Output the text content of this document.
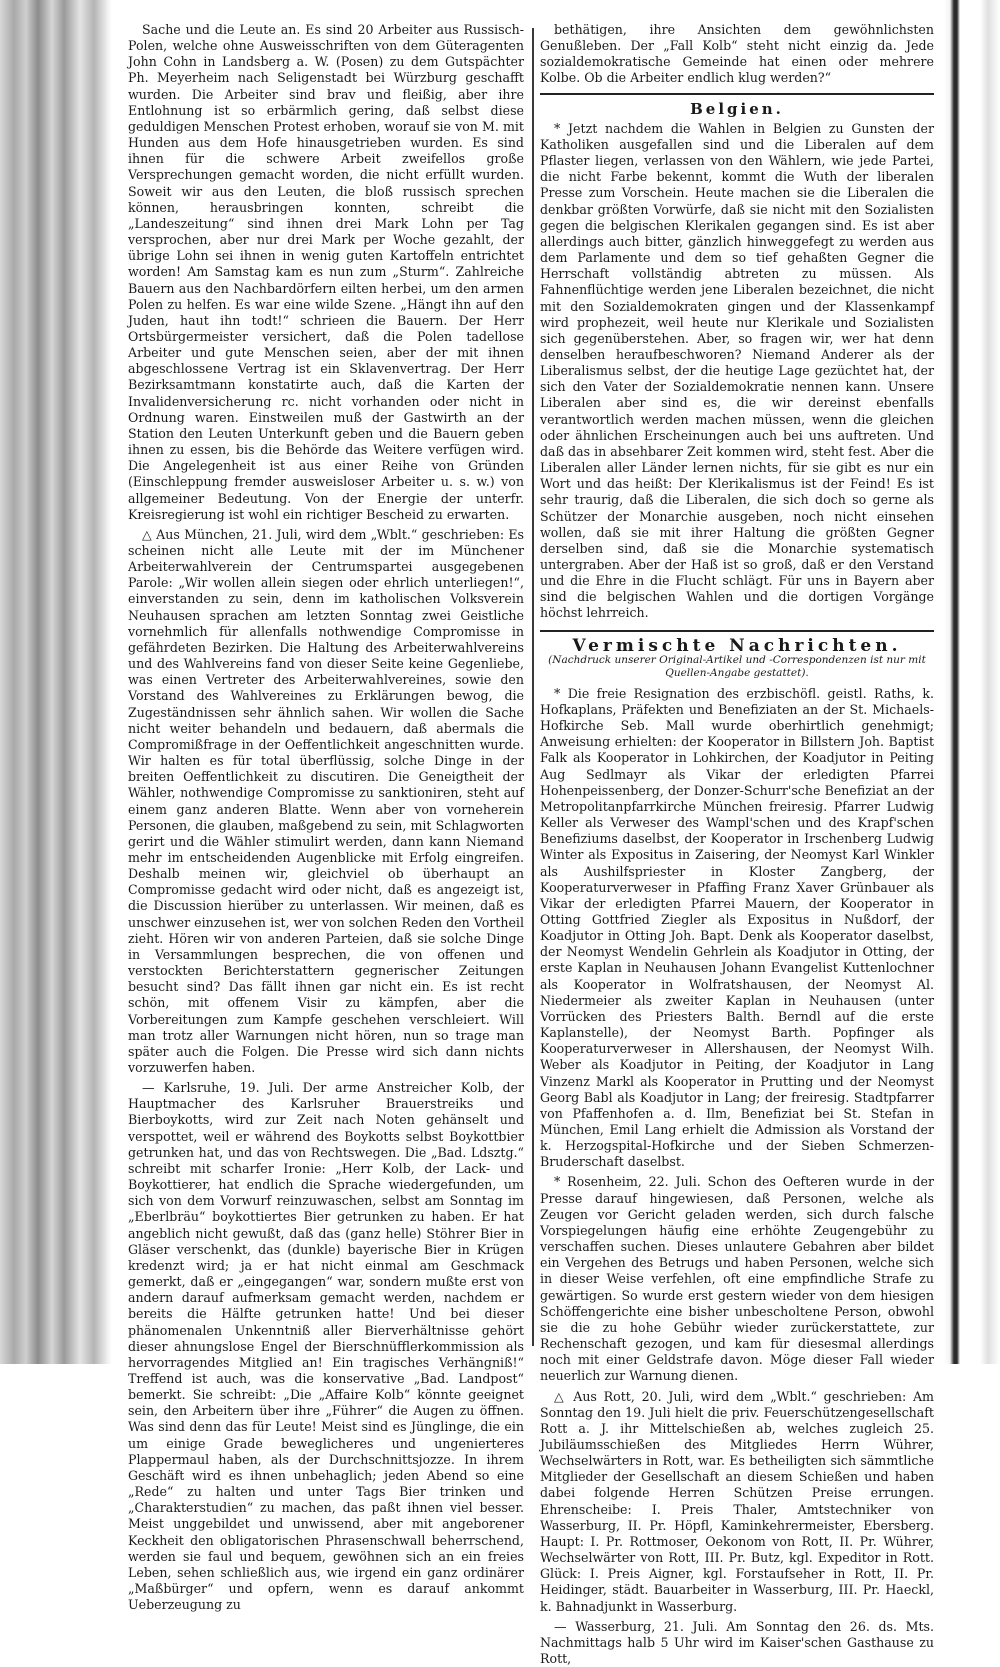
Sache und die Leute an. Es sind 20 Arbeiter aus Russisch-Polen, welche ohne Ausweisschriften von dem Güteragenten John Cohn in Landsberg a. W. (Posen) zu dem Gutspächter Ph. Meyerheim nach Seligenstadt bei Würzburg geschafft wurden. Die Arbeiter sind brav und fleißig, aber ihre Entlohnung ist so erbärmlich gering, daß selbst diese geduldigen Menschen Protest erhoben, worauf sie von M. mit Hunden aus dem Hofe hinausgetrieben wurden. Es sind ihnen für die schwere Arbeit zweifellos große Versprechungen gemacht worden, die nicht erfüllt wurden. Soweit wir aus den Leuten, die bloß russisch sprechen können, herausbringen konnten, schreibt die „Landeszeitung“ sind ihnen drei Mark Lohn per Tag versprochen, aber nur drei Mark per Woche gezahlt, der übrige Lohn sei ihnen in wenig guten Kartoffeln entrichtet worden! Am Samstag kam es nun zum „Sturm“. Zahlreiche Bauern aus den Nachbardörfern eilten herbei, um den armen Polen zu helfen. Es war eine wilde Szene. „Hängt ihn auf den Juden, haut ihn todt!“ schrieen die Bauern. Der Herr Ortsbürgermeister versichert, daß die Polen tadellose Arbeiter und gute Menschen seien, aber der mit ihnen abgeschlossene Vertrag ist ein Sklavenvertrag. Der Herr Bezirksamtmann konstatirte auch, daß die Karten der Invalidenversicherung rc. nicht vorhanden oder nicht in Ordnung waren. Einstweilen muß der Gastwirth an der Station den Leuten Unterkunft geben und die Bauern geben ihnen zu essen, bis die Behörde das Weitere verfügen wird. Die Angelegenheit ist aus einer Reihe von Gründen (Einschleppung fremder ausweisloser Arbeiter u. s. w.) von allgemeiner Bedeutung. Von der Energie der unterfr. Kreisregierung ist wohl ein richtiger Bescheid zu erwarten.

△ Aus München, 21. Juli, wird dem „Wblt.“ geschrieben: Es scheinen nicht alle Leute mit der im Münchener Arbeiterwahlverein der Centrumspartei ausgegebenen Parole: „Wir wollen allein siegen oder ehrlich unterliegen!“, einverstanden zu sein, denn im katholischen Volksverein Neuhausen sprachen am letzten Sonntag zwei Geistliche vornehmlich für allenfalls nothwendige Compromisse in gefährdeten Bezirken. Die Haltung des Arbeiterwahlvereins und des Wahlvereins fand von dieser Seite keine Gegenliebe, was einen Vertreter des Arbeiterwahlvereines, sowie den Vorstand des Wahlvereines zu Erklärungen bewog, die Zugeständnissen sehr ähnlich sahen. Wir wollen die Sache nicht weiter behandeln und bedauern, daß abermals die Compromißfrage in der Oeffentlichkeit angeschnitten wurde. Wir halten es für total überflüssig, solche Dinge in der breiten Oeffentlichkeit zu discutiren. Die Geneigtheit der Wähler, nothwendige Compromisse zu sanktioniren, steht auf einem ganz anderen Blatte. Wenn aber von vorneherein Personen, die glauben, maßgebend zu sein, mit Schlagworten gerirt und die Wähler stimulirt werden, dann kann Niemand mehr im entscheidenden Augenblicke mit Erfolg eingreifen. Deshalb meinen wir, gleichviel ob überhaupt an Compromisse gedacht wird oder nicht, daß es angezeigt ist, die Discussion hierüber zu unterlassen. Wir meinen, daß es unschwer einzusehen ist, wer von solchen Reden den Vortheil zieht. Hören wir von anderen Parteien, daß sie solche Dinge in Versammlungen besprechen, die von offenen und verstockten Berichterstattern gegnerischer Zeitungen besucht sind? Das fällt ihnen gar nicht ein. Es ist recht schön, mit offenem Visir zu kämpfen, aber die Vorbereitungen zum Kampfe geschehen verschleiert. Will man trotz aller Warnungen nicht hören, nun so trage man später auch die Folgen. Die Presse wird sich dann nichts vorzuwerfen haben.

— Karlsruhe, 19. Juli. Der arme Anstreicher Kolb, der Hauptmacher des Karlsruher Brauerstreiks und Bierboykotts, wird zur Zeit nach Noten gehänselt und verspottet, weil er während des Boykotts selbst Boykottbier getrunken hat, und das von Rechtswegen. Die „Bad. Ldsztg.“ schreibt mit scharfer Ironie: „Herr Kolb, der Lack- und Boykottierer, hat endlich die Sprache wiedergefunden, um sich von dem Vorwurf reinzuwaschen, selbst am Sonntag im „Eberlbräu“ boykottiertes Bier getrunken zu haben. Er hat angeblich nicht gewußt, daß das (ganz helle) Stöhrer Bier in Gläser verschenkt, das (dunkle) bayerische Bier in Krügen kredenzt wird; ja er hat nicht einmal am Geschmack gemerkt, daß er „eingegangen“ war, sondern mußte erst von andern darauf aufmerksam gemacht werden, nachdem er bereits die Hälfte getrunken hatte! Und bei dieser phänomenalen Unkenntniß aller Bierverhältnisse gehört dieser ahnungslose Engel der Bierschnüfflerkommission als hervorragendes Mitglied an! Ein tragisches Verhängniß!“ Treffend ist auch, was die konservative „Bad. Landpost“ bemerkt. Sie schreibt: „Die „Affaire Kolb“ könnte geeignet sein, den Arbeitern über ihre „Führer“ die Augen zu öffnen. Was sind denn das für Leute! Meist sind es Jünglinge, die ein um einige Grade beweglicheres und ungenierteres Plappermaul haben, als der Durchschnittsjozze. In ihrem Geschäft wird es ihnen unbehaglich; jeden Abend so eine „Rede“ zu halten und unter Tags Bier trinken und „Charakterstudien“ zu machen, das paßt ihnen viel besser. Meist unggebildet und unwissend, aber mit angeborener Keckheit den obligatorischen Phrasenschwall beherrschend, werden sie faul und bequem, gewöhnen sich an ein freies Leben, sehen schließlich aus, wie irgend ein ganz ordinärer „Maßbürger“ und opfern, wenn es darauf ankommt Ueberzeugung zu

bethätigen, ihre Ansichten dem gewöhnlichsten Genußleben. Der „Fall Kolb“ steht nicht einzig da. Jede sozialdemokratische Gemeinde hat einen oder mehrere Kolbe. Ob die Arbeiter endlich klug werden?“

Belgien.

* Jetzt nachdem die Wahlen in Belgien zu Gunsten der Katholiken ausgefallen sind und die Liberalen auf dem Pflaster liegen, verlassen von den Wählern, wie jede Partei, die nicht Farbe bekennt, kommt die Wuth der liberalen Presse zum Vorschein. Heute machen sie die Liberalen die denkbar größten Vorwürfe, daß sie nicht mit den Sozialisten gegen die belgischen Klerikalen gegangen sind. Es ist aber allerdings auch bitter, gänzlich hinweggefegt zu werden aus dem Parlamente und dem so tief gehaßten Gegner die Herrschaft vollständig abtreten zu müssen. Als Fahnenflüchtige werden jene Liberalen bezeichnet, die nicht mit den Sozialdemokraten gingen und der Klassenkampf wird prophezeit, weil heute nur Klerikale und Sozialisten sich gegenüberstehen. Aber, so fragen wir, wer hat denn denselben heraufbeschworen? Niemand Anderer als der Liberalismus selbst, der die heutige Lage gezüchtet hat, der sich den Vater der Sozialdemokratie nennen kann. Unsere Liberalen aber sind es, die wir dereinst ebenfalls verantwortlich werden machen müssen, wenn die gleichen oder ähnlichen Erscheinungen auch bei uns auftreten. Und daß das in absehbarer Zeit kommen wird, steht fest. Aber die Liberalen aller Länder lernen nichts, für sie gibt es nur ein Wort und das heißt: Der Klerikalismus ist der Feind! Es ist sehr traurig, daß die Liberalen, die sich doch so gerne als Schützer der Monarchie ausgeben, noch nicht einsehen wollen, daß sie mit ihrer Haltung die größten Gegner derselben sind, daß sie die Monarchie systematisch untergraben. Aber der Haß ist so groß, daß er den Verstand und die Ehre in die Flucht schlägt. Für uns in Bayern aber sind die belgischen Wahlen und die dortigen Vorgänge höchst lehrreich.

Vermischte Nachrichten.
(Nachdruck unserer Original-Artikel und -Correspondenzen ist nur mit Quellen-Angabe gestattet).

* Die freie Resignation des erzbischöfl. geistl. Raths, k. Hofkaplans, Präfekten und Benefiziaten an der St. Michaels-Hofkirche Seb. Mall wurde oberhirtlich genehmigt; Anweisung erhielten: der Kooperator in Billstern Joh. Baptist Falk als Kooperator in Lohkirchen, der Koadjutor in Peiting Aug Sedlmayr als Vikar der erledigten Pfarrei Hohenpeissenberg, der Donzer-Schurr'sche Benefiziat an der Metropolitanpfarrkirche München freiresig. Pfarrer Ludwig Keller als Verweser des Wampl'schen und des Krapf'schen Benefiziums daselbst, der Kooperator in Irschenberg Ludwig Winter als Expositus in Zaisering, der Neomyst Karl Winkler als Aushilfspriester in Kloster Zangberg, der Kooperaturverweser in Pfaffing Franz Xaver Grünbauer als Vikar der erledigten Pfarrei Mauern, der Kooperator in Otting Gottfried Ziegler als Expositus in Nußdorf, der Koadjutor in Otting Joh. Bapt. Denk als Kooperator daselbst, der Neomyst Wendelin Gehrlein als Koadjutor in Otting, der erste Kaplan in Neuhausen Johann Evangelist Kuttenlochner als Kooperator in Wolfratshausen, der Neomyst Al. Niedermeier als zweiter Kaplan in Neuhausen (unter Vorrücken des Priesters Balth. Berndl auf die erste Kaplanstelle), der Neomyst Barth. Popfinger als Kooperaturverweser in Allershausen, der Neomyst Wilh. Weber als Koadjutor in Peiting, der Koadjutor in Lang Vinzenz Markl als Kooperator in Prutting und der Neomyst Georg Babl als Koadjutor in Lang; der freiresig. Stadtpfarrer von Pfaffenhofen a. d. Ilm, Benefiziat bei St. Stefan in München, Emil Lang erhielt die Admission als Vorstand der k. Herzogspital-Hofkirche und der Sieben Schmerzen-Bruderschaft daselbst.

* Rosenheim, 22. Juli. Schon des Oefteren wurde in der Presse darauf hingewiesen, daß Personen, welche als Zeugen vor Gericht geladen werden, sich durch falsche Vorspiegelungen häufig eine erhöhte Zeugengebühr zu verschaffen suchen. Dieses unlautere Gebahren aber bildet ein Vergehen des Betrugs und haben Personen, welche sich in dieser Weise verfehlen, oft eine empfindliche Strafe zu gewärtigen. So wurde erst gestern wieder von dem hiesigen Schöffengerichte eine bisher unbescholtene Person, obwohl sie die zu hohe Gebühr wieder zurückerstattete, zur Rechenschaft gezogen, und kam für diesesmal allerdings noch mit einer Geldstrafe davon. Möge dieser Fall wieder neuerlich zur Warnung dienen.

△ Aus Rott, 20. Juli, wird dem „Wblt.“ geschrieben: Am Sonntag den 19. Juli hielt die priv. Feuerschützengesellschaft Rott a. J. ihr Mittelschießen ab, welches zugleich 25. Jubiläumsschießen des Mitgliedes Herrn Wührer, Wechselwärters in Rott, war. Es betheiligten sich sämmtliche Mitglieder der Gesellschaft an diesem Schießen und haben dabei folgende Herren Schützen Preise errungen. Ehrenscheibe: I. Preis Thaler, Amtstechniker von Wasserburg, II. Pr. Höpfl, Kaminkehrermeister, Ebersberg. Haupt: I. Pr. Rottmoser, Oekonom von Rott, II. Pr. Wührer, Wechselwärter von Rott, III. Pr. Butz, kgl. Expeditor in Rott. Glück: I. Preis Aigner, kgl. Forstaufseher in Rott, II. Pr. Heidinger, städt. Bauarbeiter in Wasserburg, III. Pr. Haeckl, k. Bahnadjunkt in Wasserburg.

— Wasserburg, 21. Juli. Am Sonntag den 26. ds. Mts. Nachmittags halb 5 Uhr wird im Kaiser'schen Gasthause zu Rott,
